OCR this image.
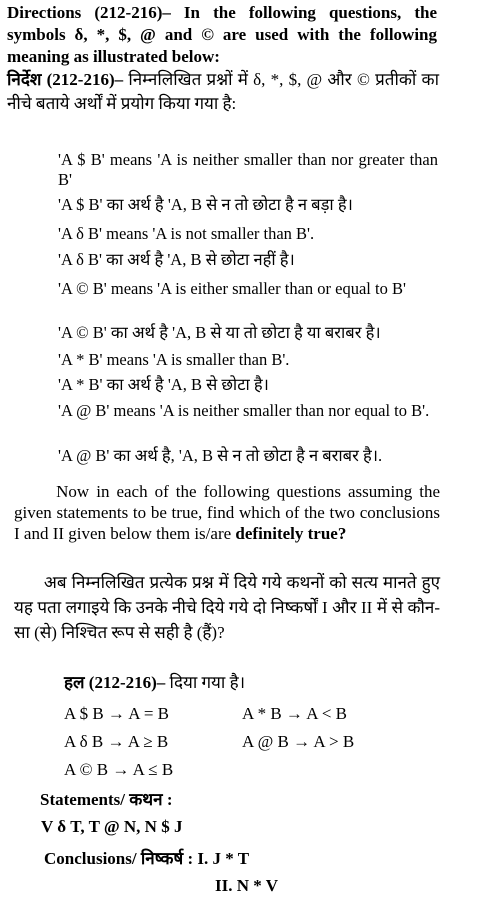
Directions (212-216)– In the following questions, the symbols δ, *, $, @ and © are used with the following meaning as illustrated below:

निर्देश (212-216)– निम्नलिखित प्रश्नों में δ, *, $, @ और © प्रतीकों का नीचे बताये अर्थों में प्रयोग किया गया है:

'A $ B' means 'A is neither smaller than nor greater than B'

'A $ B' का अर्थ है 'A, B से न तो छोटा है न बड़ा है।

'A δ B' means 'A is not smaller than B'.

'A δ B' का अर्थ है 'A, B से छोटा नहीं है।

'A © B' means 'A is either smaller than or equal to B'

'A © B' का अर्थ है 'A, B से या तो छोटा है या बराबर है।

'A * B' means 'A is smaller than B'.

'A * B' का अर्थ है 'A, B से छोटा है।

'A @ B' means 'A is neither smaller than nor equal to B'.

'A @ B' का अर्थ है, 'A, B से न तो छोटा है न बराबर है।.

Now in each of the following questions assuming the given statements to be true, find which of the two conclusions I and II given below them is/are definitely true?

अब निम्नलिखित प्रत्येक प्रश्न में दिये गये कथनों को सत्य मानते हुए यह पता लगाइये कि उनके नीचे दिये गये दो निष्कर्षों I और II में से कौन-सा (से) निश्चित रूप से सही है (हैं)?

हल (212-216)– दिया गया है।
A $ B → A = B	A * B → A < B
A δ B → A ≥ B	A @ B → A > B
A © B → A ≤ B
Statements/ कथन :
V δ T, T @ N, N $ J
Conclusions/ निष्कर्ष : I. J * T
II. N * V
